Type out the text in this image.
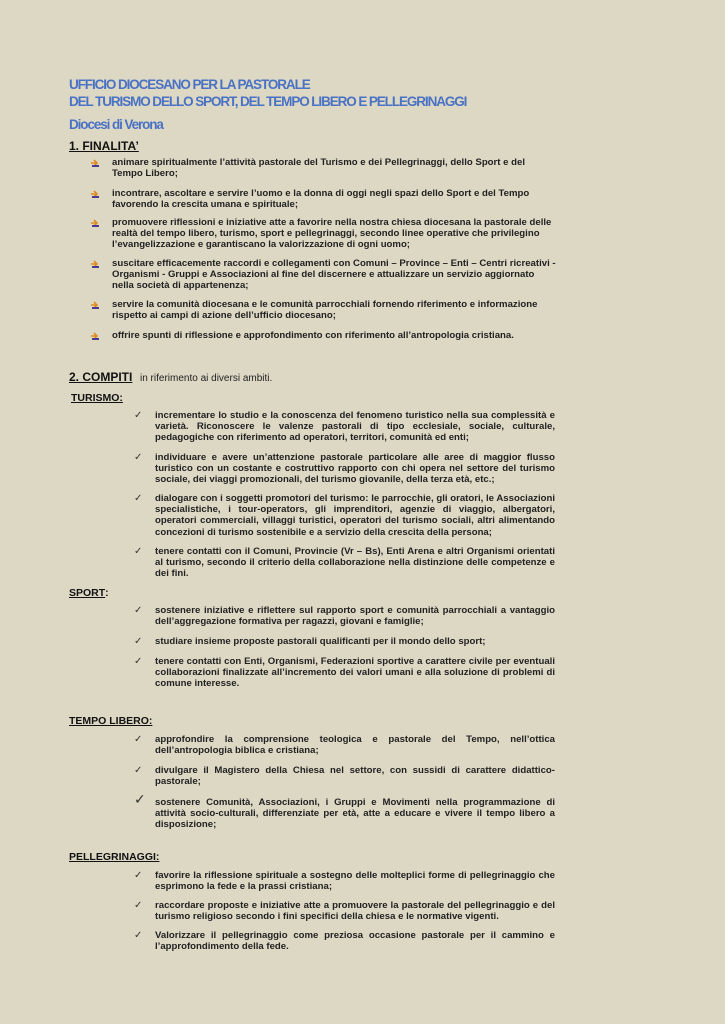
UFFICIO DIOCESANO PER LA PASTORALE
DEL TURISMO DELLO SPORT, DEL TEMPO LIBERO E PELLEGRINAGGI
Diocesi di Verona
1. FINALITA’
animare spiritualmente l’attività pastorale del Turismo e dei Pellegrinaggi, dello Sport e del Tempo Libero;
incontrare, ascoltare e servire l’uomo e la donna di oggi negli spazi dello Sport e del Tempo favorendo la crescita umana e spirituale;
promuovere riflessioni e iniziative atte a favorire nella nostra chiesa diocesana la pastorale delle realtà del tempo libero, turismo, sport e pellegrinaggi, secondo linee operative che privilegino l’evangelizzazione e garantiscano la valorizzazione di ogni uomo;
suscitare efficacemente raccordi e collegamenti con Comuni – Province – Enti – Centri ricreativi - Organismi - Gruppi e Associazioni al fine del discernere e attualizzare un servizio aggiornato nella società di appartenenza;
servire la comunità diocesana e le comunità parrocchiali fornendo riferimento e informazione rispetto ai campi di azione dell’ufficio diocesano;
offrire spunti di riflessione e approfondimento con riferimento all’antropologia cristiana.
2. COMPITI in riferimento ai diversi ambiti.
TURISMO:
✓ incrementare lo studio e la conoscenza del fenomeno turistico nella sua complessità e varietà. Riconoscere le valenze pastorali di tipo ecclesiale, sociale, culturale, pedagogiche con riferimento ad operatori, territori, comunità ed enti;
✓ individuare e avere un’attenzione pastorale particolare alle aree di maggior flusso turistico con un costante e costruttivo rapporto con chi opera nel settore del turismo sociale, dei viaggi promozionali, del turismo giovanile, della terza età, etc.;
✓ dialogare con i soggetti promotori del turismo: le parrocchie, gli oratori, le Associazioni specialistiche, i tour-operators, gli imprenditori, agenzie di viaggio, albergatori, operatori commerciali, villaggi turistici, operatori del turismo sociali, altri alimentando concezioni di turismo sostenibile e a servizio della crescita della persona;
✓ tenere contatti con il Comuni, Provincie (Vr – Bs), Enti Arena e altri Organismi orientati al turismo, secondo il criterio della collaborazione nella distinzione delle competenze e dei fini.
SPORT:
✓ sostenere iniziative e riflettere sul rapporto sport e comunità parrocchiali a vantaggio dell’aggregazione formativa per ragazzi, giovani e famiglie;
✓ studiare insieme proposte pastorali qualificanti per il mondo dello sport;
✓ tenere contatti con Enti, Organismi, Federazioni sportive a carattere civile per eventuali collaborazioni finalizzate all’incremento dei valori umani e alla soluzione di problemi di comune interesse.
TEMPO LIBERO:
✓ approfondire la comprensione teologica e pastorale del Tempo, nell’ottica dell’antropologia biblica e cristiana;
✓ divulgare il Magistero della Chiesa nel settore, con sussidi di carattere didattico-pastorale;
✓ sostenere Comunità, Associazioni, i Gruppi e Movimenti nella programmazione di attività socio-culturali, differenziate per età, atte a educare e vivere il tempo libero a disposizione;
PELLEGRINAGGI:
✓ favorire la riflessione spirituale a sostegno delle molteplici forme di pellegrinaggio che esprimono la fede e la prassi cristiana;
✓ raccordare proposte e iniziative atte a promuovere la pastorale del pellegrinaggio e del turismo religioso secondo i fini specifici della chiesa e le normative vigenti.
✓ Valorizzare il pellegrinaggio come preziosa occasione pastorale per il cammino e l’approfondimento della fede.
